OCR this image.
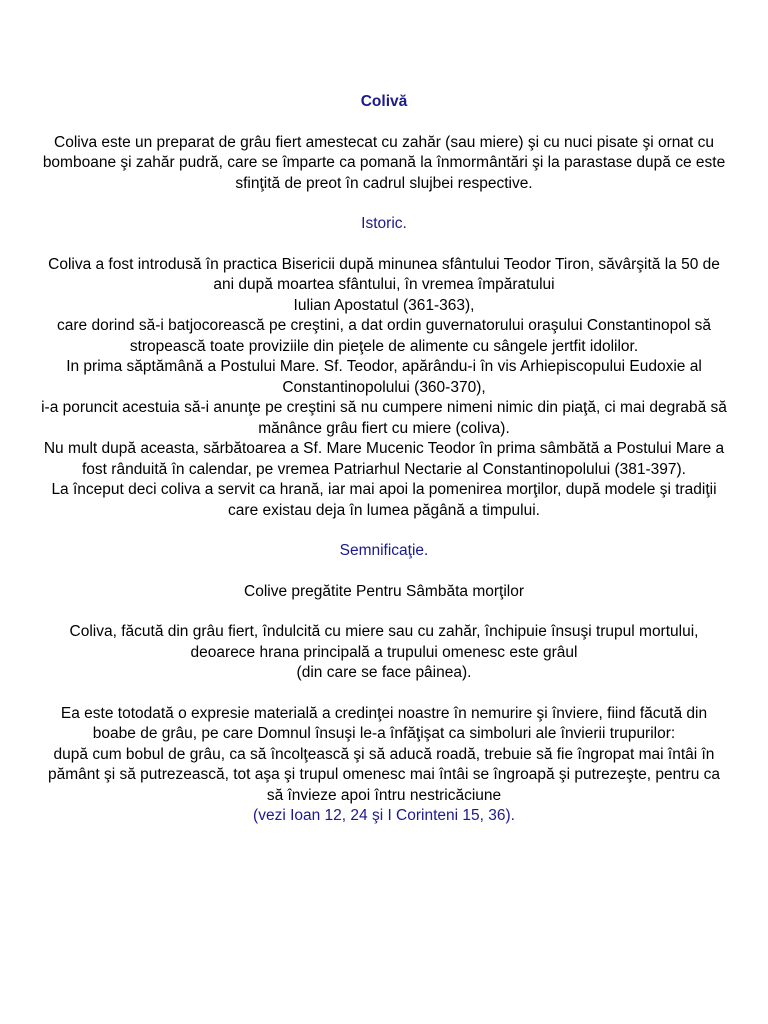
Colivă
Coliva este un preparat de grâu fiert amestecat cu zahăr (sau miere) şi cu nuci pisate şi ornat cu bomboane şi zahăr pudră, care se împarte ca pomană la înmormântări şi la parastase după ce este sfinţită de preot în cadrul slujbei respective.
Istoric.
Coliva a fost introdusă în practica Bisericii după minunea sfântului Teodor Tiron, săvârşită la 50 de ani după moartea sfântului, în vremea împăratului
Iulian Apostatul (361-363),
care dorind să-i batjocorească pe creştini, a dat ordin guvernatorului oraşului Constantinopol să stropească toate proviziile din pieţele de alimente cu sângele jertfit idolilor.
In prima săptămână a Postului Mare. Sf. Teodor, apărându-i în vis Arhiepiscopului Eudoxie al Constantinopolului (360-370),
i-a poruncit acestuia să-i anunţe pe creştini să nu cumpere nimeni nimic din piaţă, ci mai degrabă să mănânce grâu fiert cu miere (coliva).
Nu mult după aceasta, sărbătoarea a Sf. Mare Mucenic Teodor în prima sâmbătă a Postului Mare a fost rânduită în calendar, pe vremea Patriarhul Nectarie al Constantinopolului (381-397).
La început deci coliva a servit ca hrană, iar mai apoi la pomenirea morţilor, după modele şi tradiţii care existau deja în lumea păgână a timpului.
Semnificaţie.
Colive pregătite Pentru Sâmbăta morţilor
Coliva, făcută din grâu fiert, îndulcită cu miere sau cu zahăr, închipuie însuşi trupul mortului, deoarece hrana principală a trupului omenesc este grâul
(din care se face pâinea).
Ea este totodată o expresie materială a credinţei noastre în nemurire şi înviere, fiind făcută din boabe de grâu, pe care Domnul însuşi le-a înfăţişat ca simboluri ale învierii trupurilor:
după cum bobul de grâu, ca să încolţească şi să aducă roadă, trebuie să fie îngropat mai întâi în pământ şi să putrezească, tot aşa şi trupul omenesc mai întâi se îngroapă şi putrezeşte, pentru ca să învieze apoi întru nestricăciune
(vezi Ioan 12, 24 şi I Corinteni 15, 36).
